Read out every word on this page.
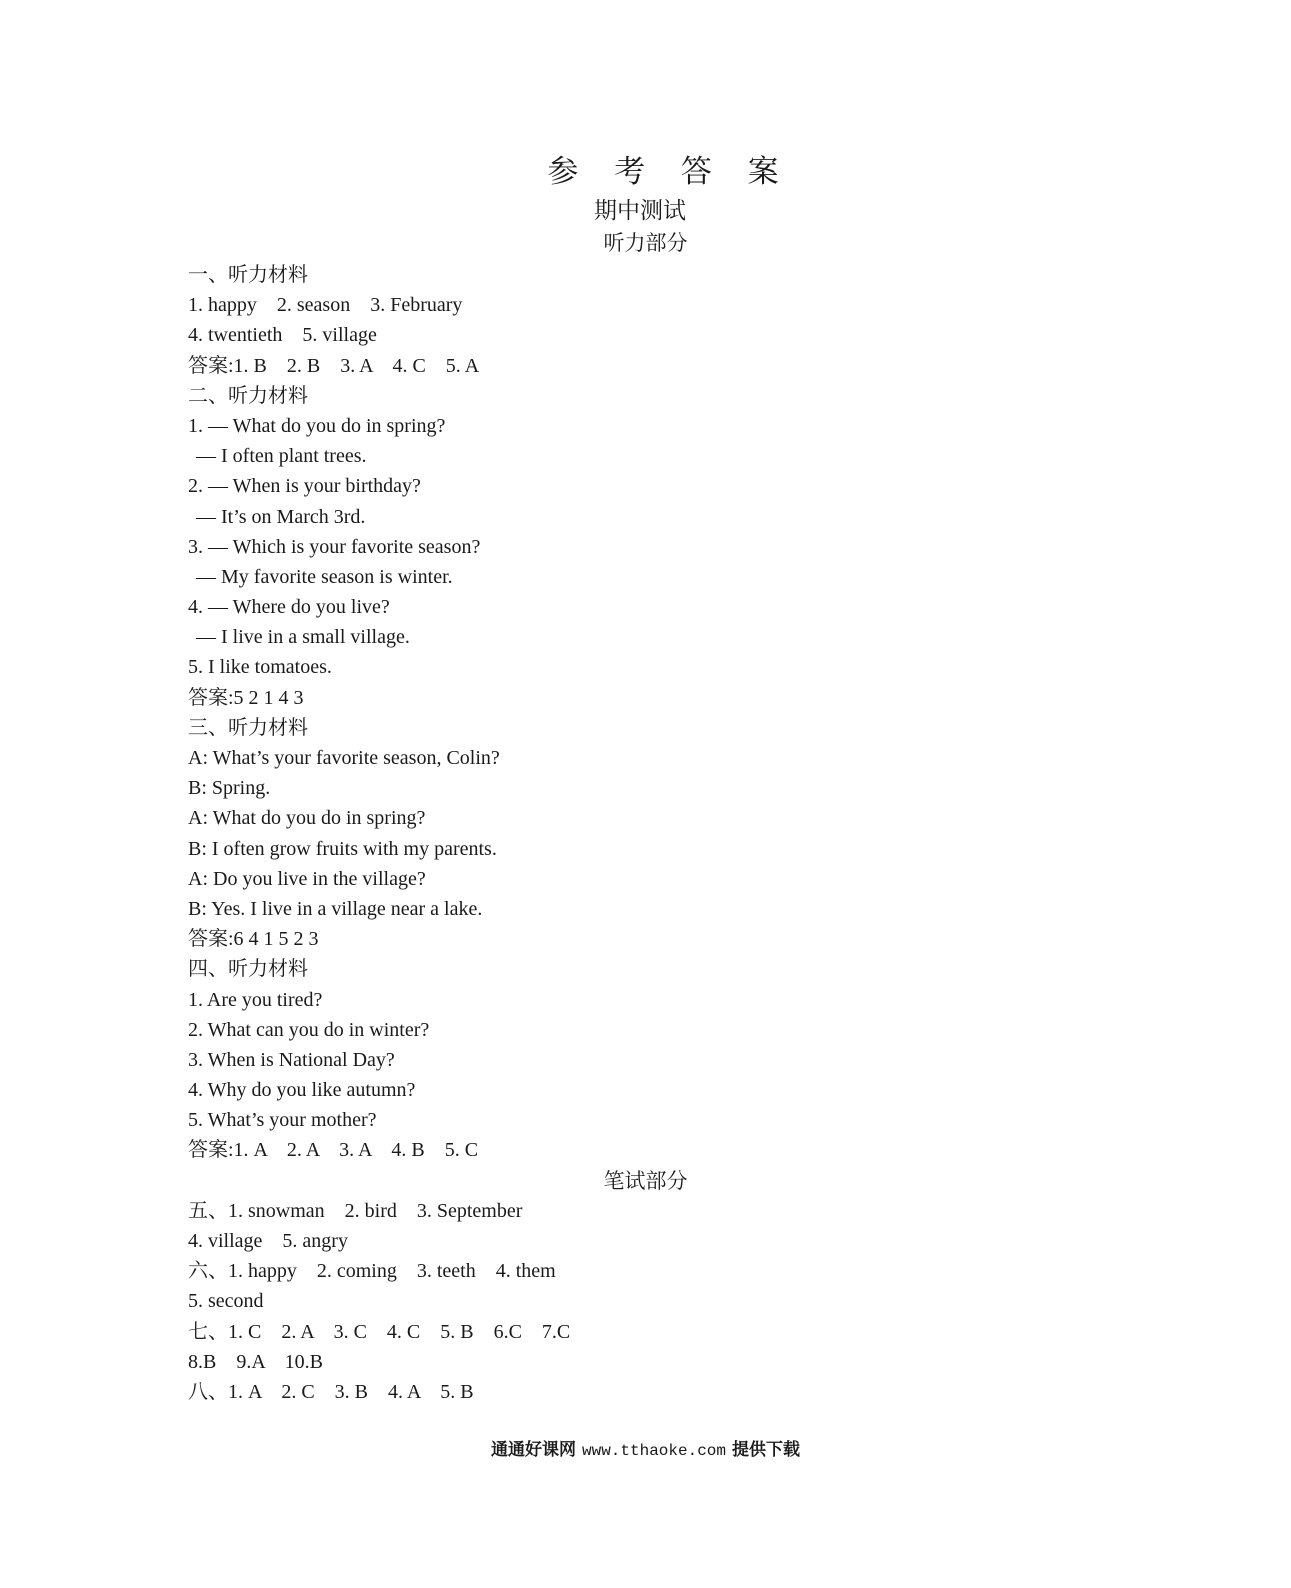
参 考 答 案
期中测试
听力部分
一、听力材料
1. happy    2. season    3. February
4. twentieth    5. village
答案:1. B    2. B    3. A    4. C    5. A
二、听力材料
1. — What do you do in spring?
— I often plant trees.
2. — When is your birthday?
— It’s on March 3rd.
3. — Which is your favorite season?
— My favorite season is winter.
4. — Where do you live?
— I live in a small village.
5. I like tomatoes.
答案:5 2 1 4 3
三、听力材料
A: What’s your favorite season, Colin?
B: Spring.
A: What do you do in spring?
B: I often grow fruits with my parents.
A: Do you live in the village?
B: Yes. I live in a village near a lake.
答案:6 4 1 5 2 3
四、听力材料
1. Are you tired?
2. What can you do in winter?
3. When is National Day?
4. Why do you like autumn?
5. What’s your mother?
答案:1. A    2. A    3. A    4. B    5. C
五、1. snowman    2. bird    3. September
4. village    5. angry
六、1. happy    2. coming    3. teeth    4. them
5. second
七、1. C    2. A    3. C    4. C    5. B    6.C    7.C
8.B    9.A    10.B
八、1. A    2. C    3. B    4. A    5. B
笔试部分
通通好课网 www.tthaoke.com 提供下载
